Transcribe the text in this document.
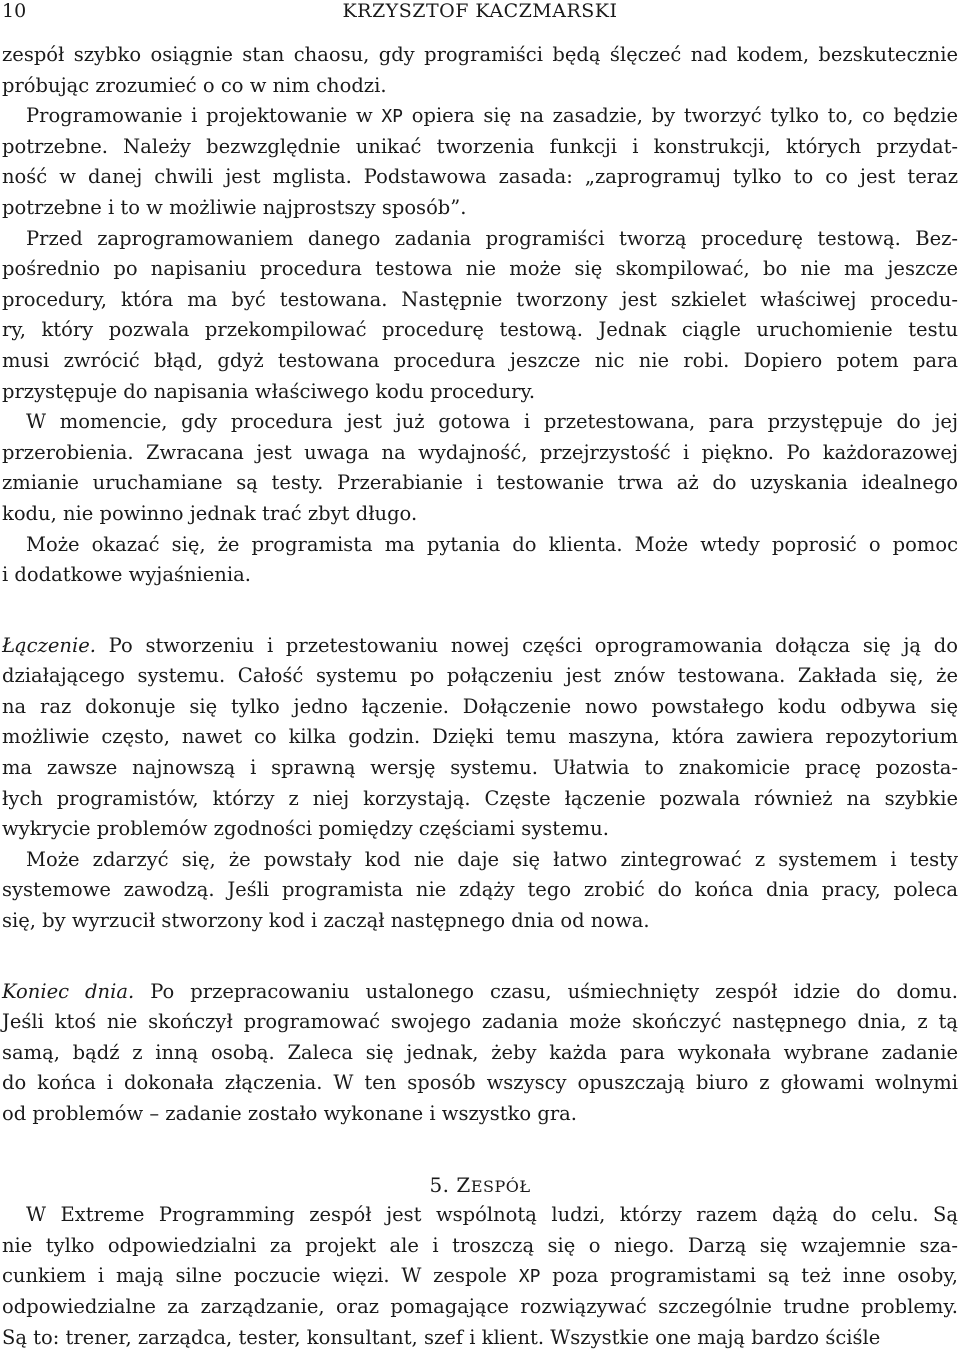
10	KRZYSZTOF KACZMARSKI
zespół szybko osiągnie stan chaosu, gdy programiści będą ślęczeć nad kodem, bezskutecznie
próbując zrozumieć o co w nim chodzi.
Programowanie i projektowanie w XP opiera się na zasadzie, by tworzyć tylko to, co będzie
potrzebne. Należy bezwzględnie unikać tworzenia funkcji i konstrukcji, których przydat-
ność w danej chwili jest mglista. Podstawowa zasada: „zaprogramuj tylko to co jest teraz
potrzebne i to w możliwie najprostszy sposób”.
Przed zaprogramowaniem danego zadania programiści tworzą procedurę testową. Bez-
pośrednio po napisaniu procedura testowa nie może się skompilować, bo nie ma jeszcze
procedury, która ma być testowana. Następnie tworzony jest szkielet właściwej procedu-
ry, który pozwala przekompilować procedurę testową. Jednak ciągle uruchomienie testu
musi zwrócić błąd, gdyż testowana procedura jeszcze nic nie robi. Dopiero potem para
przystępuje do napisania właściwego kodu procedury.
W momencie, gdy procedura jest już gotowa i przetestowana, para przystępuje do jej
przerobienia. Zwracana jest uwaga na wydajność, przejrzystość i piękno. Po każdorazowej
zmianie uruchamiane są testy. Przerabianie i testowanie trwa aż do uzyskania idealnego
kodu, nie powinno jednak trać zbyt długo.
Może okazać się, że programista ma pytania do klienta. Może wtedy poprosić o pomoc
i dodatkowe wyjaśnienia.
Łączenie. Po stworzeniu i przetestowaniu nowej części oprogramowania dołącza się ją do
działającego systemu. Całość systemu po połączeniu jest znów testowana. Zakłada się, że
na raz dokonuje się tylko jedno łączenie. Dołączenie nowo powstałego kodu odbywa się
możliwie często, nawet co kilka godzin. Dzięki temu maszyna, która zawiera repozytorium
ma zawsze najnowszą i sprawną wersję systemu. Ułatwia to znakomicie pracę pozosta-
łych programistów, którzy z niej korzystają. Częste łączenie pozwala również na szybkie
wykrycie problemów zgodności pomiędzy częściami systemu.
Może zdarzyć się, że powstały kod nie daje się łatwo zintegrować z systemem i testy
systemowe zawodzą. Jeśli programista nie zdąży tego zrobić do końca dnia pracy, poleca
się, by wyrzucił stworzony kod i zaczął następnego dnia od nowa.
Koniec dnia. Po przepracowaniu ustalonego czasu, uśmiechnięty zespół idzie do domu.
Jeśli ktoś nie skończył programować swojego zadania może skończyć następnego dnia, z tą
samą, bądź z inną osobą. Zaleca się jednak, żeby każda para wykonała wybrane zadanie
do końca i dokonała złączenia. W ten sposób wszyscy opuszczają biuro z głowami wolnymi
od problemów – zadanie zostało wykonane i wszystko gra.
5. ZESPÓŁ
W Extreme Programming zespół jest wspólnotą ludzi, którzy razem dążą do celu. Są
nie tylko odpowiedzialni za projekt ale i troszczą się o niego. Darzą się wzajemnie sza-
cunkiem i mają silne poczucie więzi. W zespole XP poza programistami są też inne osoby,
odpowiedzialne za zarządzanie, oraz pomagające rozwiązywać szczególnie trudne problemy.
Są to: trener, zarządca, tester, konsultant, szef i klient. Wszystkie one mają bardzo ściśle
